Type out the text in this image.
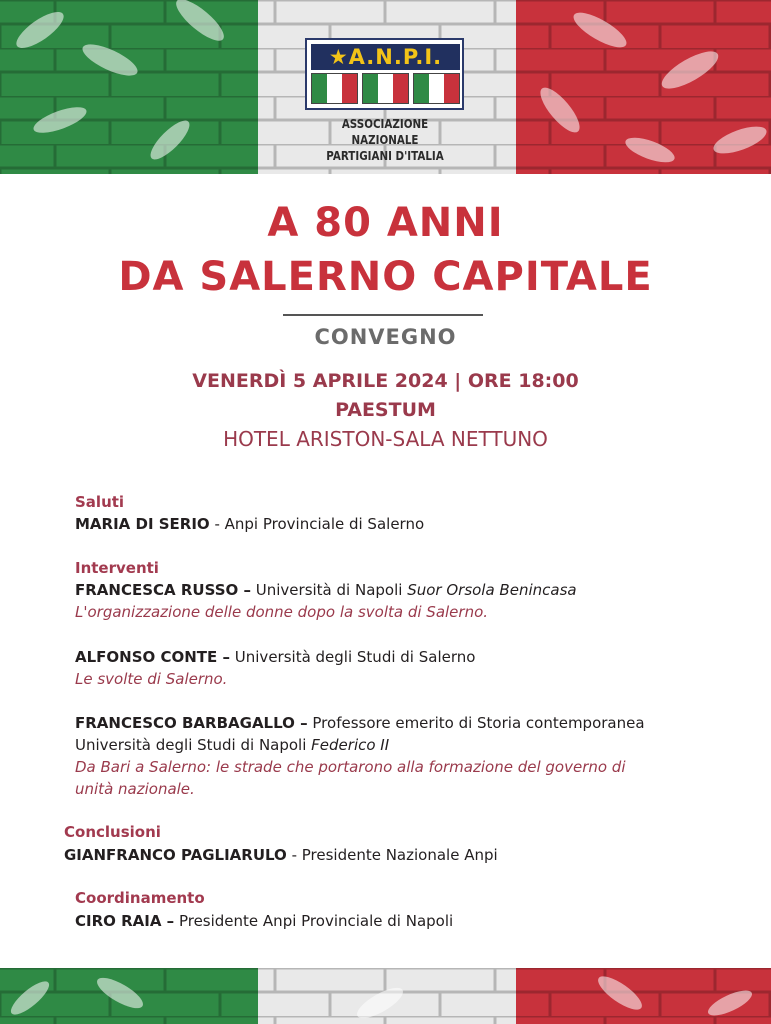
★A.N.P.I.
ASSOCIAZIONE NAZIONALE
PARTIGIANI D'ITALIA
A 80 ANNI
DA SALERNO CAPITALE
CONVEGNO
VENERDÌ 5 APRILE 2024 | ORE 18:00
PAESTUM
HOTEL ARISTON-SALA NETTUNO
Saluti
MARIA DI SERIO - Anpi Provinciale di Salerno
Interventi
FRANCESCA RUSSO – Università di Napoli Suor Orsola Benincasa
L'organizzazione delle donne dopo la svolta di Salerno.
ALFONSO CONTE – Università degli Studi di Salerno
Le svolte di Salerno.
FRANCESCO BARBAGALLO – Professore emerito di Storia contemporanea
Università degli Studi di Napoli Federico II
Da Bari a Salerno: le strade che portarono alla formazione del governo di
unità nazionale.
Conclusioni
GIANFRANCO PAGLIARULO - Presidente Nazionale Anpi
Coordinamento
CIRO RAIA – Presidente Anpi Provinciale di Napoli
